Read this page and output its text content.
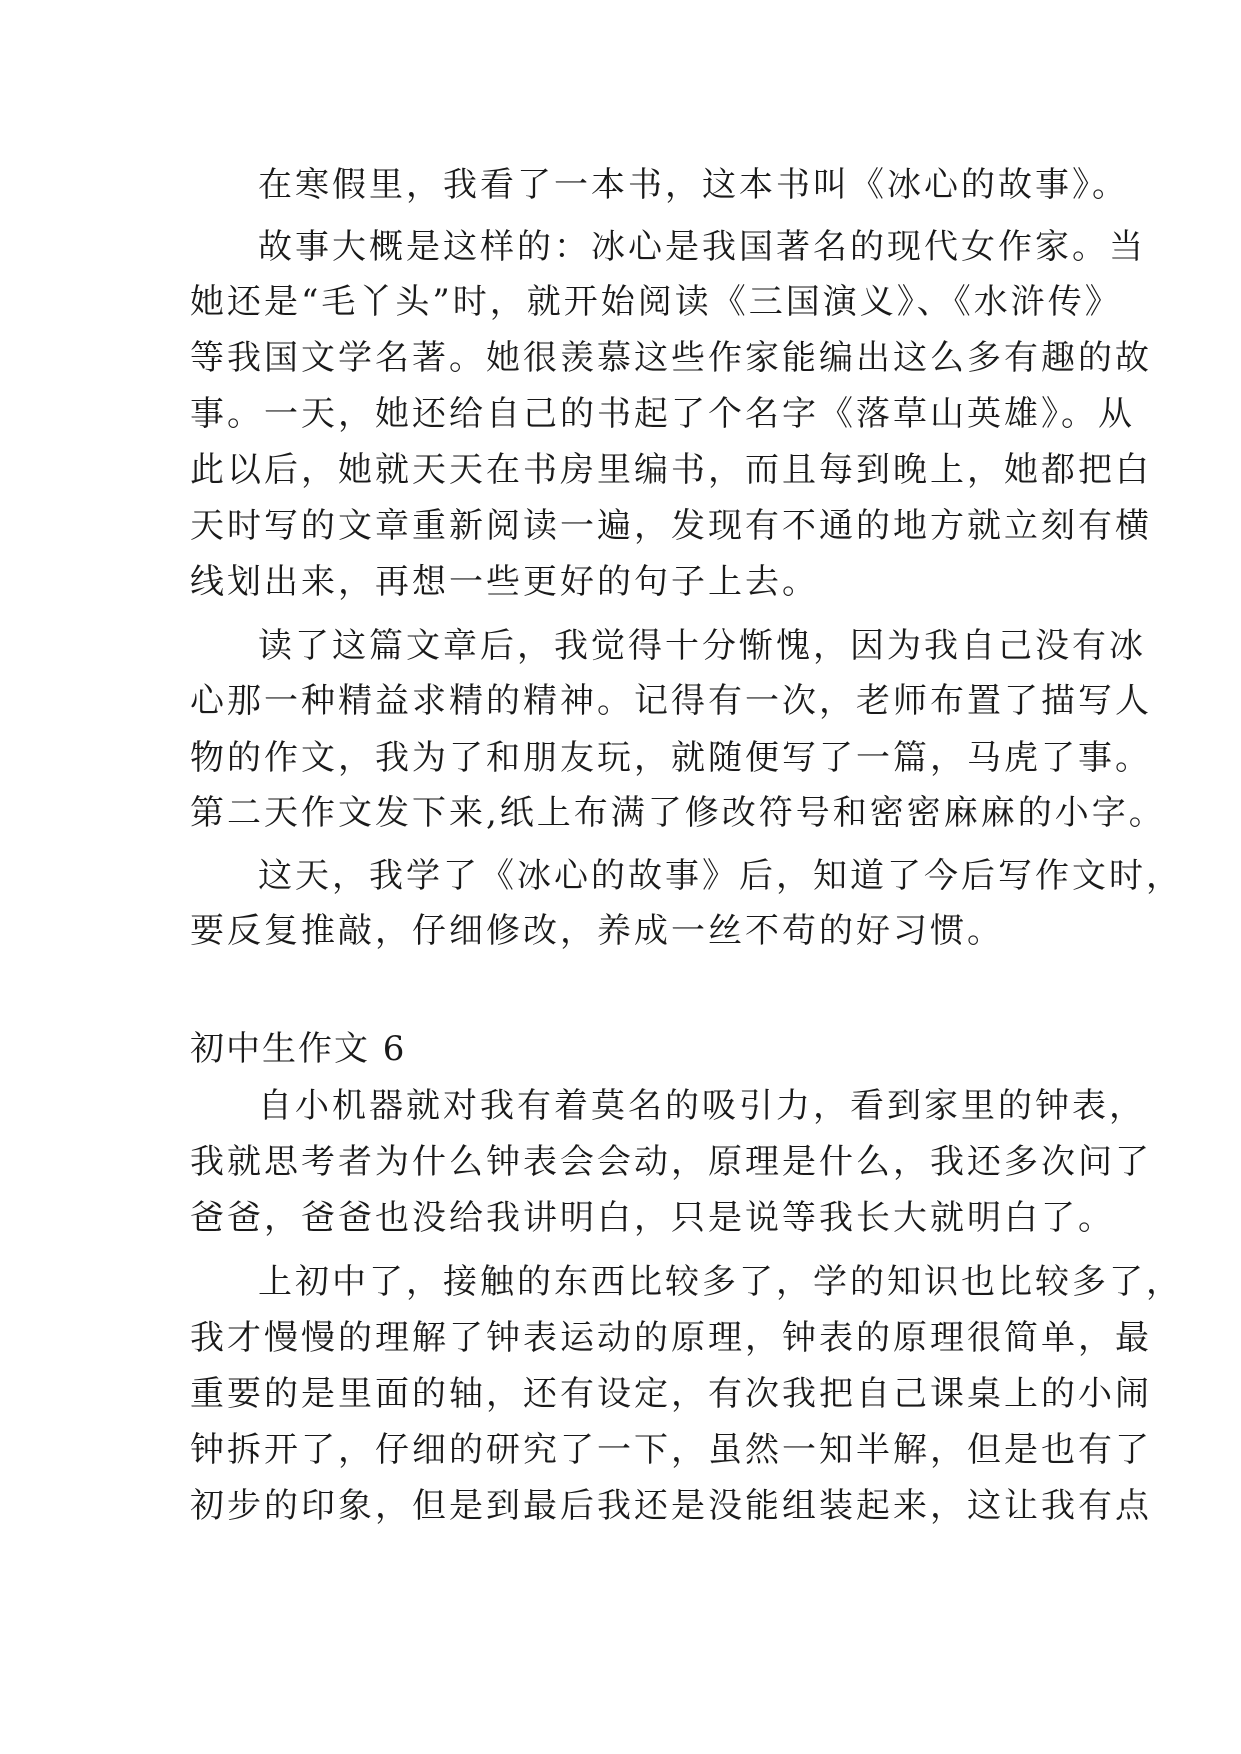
在寒假里，我看了一本书，这本书叫《冰心的故事》。
故事大概是这样的：冰心是我国著名的现代女作家。当
她还是“毛丫头”时，就开始阅读《三国演义》、《水浒传》
等我国文学名著。她很羡慕这些作家能编出这么多有趣的故
事。一天，她还给自己的书起了个名字《落草山英雄》。从
此以后，她就天天在书房里编书，而且每到晚上，她都把白
天时写的文章重新阅读一遍，发现有不通的地方就立刻有横
线划出来，再想一些更好的句子上去。
读了这篇文章后，我觉得十分惭愧，因为我自己没有冰
心那一种精益求精的精神。记得有一次，老师布置了描写人
物的作文，我为了和朋友玩，就随便写了一篇，马虎了事。
第二天作文发下来,纸上布满了修改符号和密密麻麻的小字。
这天，我学了《冰心的故事》后，知道了今后写作文时，
要反复推敲，仔细修改，养成一丝不苟的好习惯。
初中生作文 6
自小机器就对我有着莫名的吸引力，看到家里的钟表，
我就思考者为什么钟表会会动，原理是什么，我还多次问了
爸爸，爸爸也没给我讲明白，只是说等我长大就明白了。
上初中了，接触的东西比较多了，学的知识也比较多了，
我才慢慢的理解了钟表运动的原理，钟表的原理很简单，最
重要的是里面的轴，还有设定，有次我把自己课桌上的小闹
钟拆开了，仔细的研究了一下，虽然一知半解，但是也有了
初步的印象，但是到最后我还是没能组装起来，这让我有点
